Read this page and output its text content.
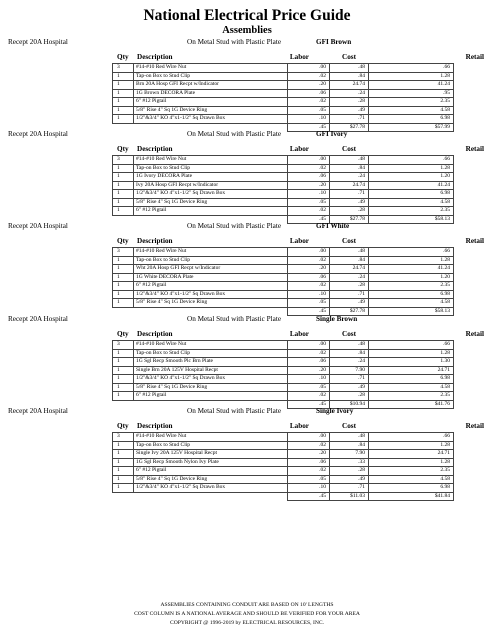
National Electrical Price Guide
Assemblies
Recept 20A Hospital	On Metal Stud with Plastic Plate	GFI Brown
Qty Description	Labor	Cost	Retail
3	#14-#10 Red Wire Nut	.00	.48	.66
1	Tap-on Box to Stud Clip	.02	.84	1.28
1	Brn 20A Hosp GFI Recpt w/Indicator	.20	24.74	41.24
1	1G Brown DECORA Plate	.06	.24	.95
1	6" #12 Pigtail	.02	.28	2.35
1	5/8" Rise 4" Sq 1G Device Ring	.05	.49	4.58
1	1/2"&3/4" KO 4"x1-1/2" Sq Drawn Box	.10	.71	6.98
		.45	$27.78	$57.99
Recept 20A Hospital	On Metal Stud with Plastic Plate	GFI Ivory
Qty Description	Labor	Cost	Retail
3	#14-#10 Red Wire Nut	.00	.48	.66
1	Tap-on Box to Stud Clip	.02	.84	1.28
1	1G Ivory DECORA Plate	.06	.24	1.20
1	Ivy 20A Hosp GFI Recpt w/Indicator	.20	24.74	41.24
1	1/2"&3/4" KO 4"x1-1/2" Sq Drawn Box	.10	.71	6.98
1	5/8" Rise 4" Sq 1G Device Ring	.05	.49	4.58
1	6" #12 Pigtail	.02	.28	2.35
		.45	$27.78	$58.13
Recept 20A Hospital	On Metal Stud with Plastic Plate	GFI White
Qty Description	Labor	Cost	Retail
3	#14-#10 Red Wire Nut	.00	.48	.66
1	Tap-on Box to Stud Clip	.02	.84	1.28
1	Wht 20A Hosp GFI Recpt w/Indicator	.20	24.74	41.24
1	1G White DECORA Plate	.06	.24	1.20
1	6" #12 Pigtail	.02	.28	2.35
1	1/2"&3/4" KO 4"x1-1/2" Sq Drawn Box	.10	.71	6.98
1	5/8" Rise 4" Sq 1G Device Ring	.05	.49	4.58
		.45	$27.78	$58.13
Recept 20A Hospital	On Metal Stud with Plastic Plate	Single Brown
Qty Description	Labor	Cost	Retail
3	#14-#10 Red Wire Nut	.00	.48	.66
1	Tap-on Box to Stud Clip	.02	.84	1.28
1	1G Sgl Recp Smooth Plc Brn Plate	.06	.24	1.30
1	Single Brn 20A 125V Hospital Recpt	.20	7.90	24.71
1	1/2"&3/4" KO 4"x1-1/2" Sq Drawn Box	.10	.71	6.98
1	5/8" Rise 4" Sq 1G Device Ring	.05	.49	4.58
1	6" #12 Pigtail	.02	.28	2.35
		.45	$10.94	$41.76
Recept 20A Hospital	On Metal Stud with Plastic Plate	Single Ivory
Qty Description	Labor	Cost	Retail
3	#14-#10 Red Wire Nut	.00	.48	.66
1	Tap-on Box to Stud Clip	.02	.84	1.28
1	Single Ivy 20A 125V Hospital Recpt	.20	7.90	24.71
1	1G Sgl Recp Smooth Nylon Ivy Plate	.06	.33	1.28
1	6" #12 Pigtail	.02	.28	2.35
1	5/8" Rise 4" Sq 1G Device Ring	.05	.49	4.58
1	1/2"&3/4" KO 4"x1-1/2" Sq Drawn Box	.10	.71	6.98
		.45	$11.03	$41.84
ASSEMBLIES CONTAINING CONDUIT ARE BASED ON 10' LENGTHS
COST COLUMN IS A NATIONAL AVERAGE AND SHOULD BE VERIFIED FOR YOUR AREA
COPYRIGHT @ 1996-2019 by ELECTRICAL RESOURCES, INC.
